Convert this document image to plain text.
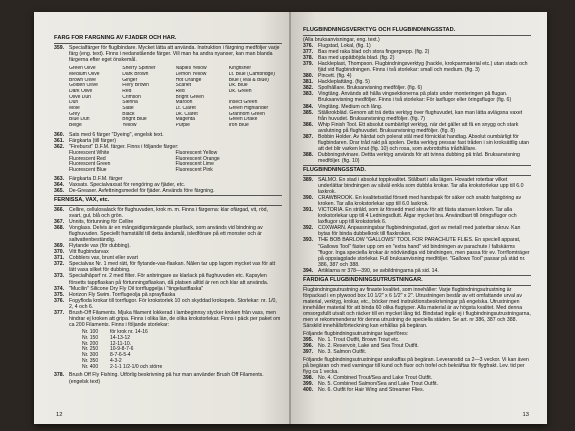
FÄRG FÖR FÄRGNING AV FJÄDER OCH HÅR.
359. Specialfärger för fluglbindare. Mycket lätta att använda. Instruktion i färgning medföljer varje färg (eng. text). Finns i nedanstående färger. Vill man ha andra nyanser, kan man blanda färgerna efter eget önskemål.
Green Olive	Sherry Spinner	Naples Yellow	Kingfisher
Medium Olive	Dark Brown	Lemon Yellow	Lt. Blue (Cambridge)
Brown Olive	Ginger	Hot Orange	Blue (Teal & Blue)
Golden Olive	Fiery Brown	Scarlet	Dk. Blue
Dark Olive	Red	Red	Dk. Green
Olive Dun	Crimson	Bright Green
Dun	Sienna	Maroon	Insect Green
Mole	Slate	Lt. Claret	Green Highlander
Grey	Black	Dk. Claret	Grannom Green
Blue Dun	Bright Blue	Magenta	Green Drake
Beige	Yellow	Purple	Iron Blue
360. Sats med 6 färger "Dyeing", engelsk text.
361. Färgkarta (till färger)
362. "Fireburst" D.F.M. färger. Finns i följande färger:
Fluorescent White	Fluorescent Yellow
Fluorescent Red	Fluorescent Orange
Fluorescent Green	Fluorescent Lime
Fluorescent Blue	Fluorescent Pink
363. Färgkarta D.F.M. färger
364. Vaxsats. Specialvaxsat för rengöring av fjäder, etc.
365. De-Greaser. Avfettningsmedel för fjäder. Används före färgning.
FERNISSA, VAX, etc.
366. Cellire, cellulosalack för flughuvuden, krok m. m. Finns i färgerna: klar ofärgad, vit, röd, svart, gul, blå och grön.
367. Unnits, förtunning för Cellire
368. Vonglass. Delvis är en mångsidigsmärgande plastlack, som används vid bindning av flughuvuden. Speciellt framställd till detta ändamål, isledförare på ett monster och är saltvattenbeständig.
369. Flytande vax (för dubbing).
370. Vitt flugbindarvax
371. Cobblers vax, brunt eller svart
372. Specialvax Nr. 1 med rätt, för flytande-vax-flaskan. Nålen tar upp lagom mycket vax för att lätt vaxa silket för dubbing.
373. Specialhåpsrf nr. 2 med filter. För anbringare av klarlack på flughuvuden etc. Kapsylen försetts tappflaskan på förtunningsflaskan, då platsen alltid är ren och klar att använda.
374. "Mucilin" Silicone Dry Fly Oil torrfluggelja i "tingelastflaska"
375. Horizon Fly Swim. Torrflugeolja på sprayflaska
376. Fogyfloda krokar till torrflugor. För krokstorlek 10 och skyddad krokspets. Storlekar: nr. 1/0, 2, 4 och 6.
377. Brush-Off Filaments. Mjuka filament lokkerad i lambeginnsy stycker kroken från vass, men hindrar ej kroken att gripa. Finns i olika län, de olika krokstorlekar. Finns i päck per paket om ca 200 Filaments. Finns i följande storlekar:
Nr. 100	för krok nr. 14-16
Nr. 150	14-13-12
Nr. 200	12-11-10.
Nr. 250	10-9-8-7-6
Nr. 300	8-7-6-5-4
Nr. 350	4-3-2
Nr. 400	2-1-1 1/2-1/0 och större
378. Brush Off Fly Fishing. Utförlig beskrivning på hur man använder Brush Off Filaments. (engelsk text)
12
FLUGBINDNINGSVERKTYG OCH FLUGBINDNINGSSTAD.
(Alla bruksanvisningar, eng. text.)
376. Flugstad, Lokal, (fig. 1)
377. Bas med raka blad och stora fingergrepp. (fig. 2)
378. Bas med uppåtböjda blad. (fig. 2)
379. Hackleplast, Thompson. Flugbindningsverktyg (hackle, krokparmaterial etc.) utan stads och fjäd vid flugbindningen. Finns i två storlekar: small och medium. (fig. 3)
380. Pincett. (fig. 4)
381. Hackleplattång. (fig. 5)
382. Spolhållare. Bruksanvisning medföljer. (fig. 6)
383. Vingtång. Används att hålla vingsektionerna på plats under monteringen på flugan. Bruksanvisning medföljer. Finns i två storlekar: För laxflugor eller öringsflugor (fig. 6)
384. Vingtång. Medium och lång.
385. Stålkrokbläd. Genom att trä detta verktyg över flughuvudet, kan man lätta avlägsna vaxet från huvudet. Bruksanvisning medföljer. (fig. 7)
386. Whip Finish Tool. Ett absolut oumbärligt verktyg, när det gäller att få en snygg och stark avslutning på flughuvudet. Bruksanvisning medföljer. (fig. 8)
387. Bobbin Holder. Av hårdat och polerat stål med förnicklat handtag. Absolut oumbärligt för flugbindaren. Drar tråd rakt på spolen. Detta verktyg pressar fast tråden i sin kroksättlig utan att det blir varken knut (fig. 10) och rosa, som avbrottsfria trådhållare.
388. Dubbningstvinare. Dettta verktyg används för att tvinna dubbing på tråd. Bruksanvisning medföljer. (fig. 10)
FLUGBINDNINGSSTAD.
389. SALMO. En stad i absolut toppkvalitet. Stålbart i alla lägen. Hovadet roterbar vilket underlättar bindningen av såväl enkla som dubbla krokar. Tar alla krokstorlekar upp till 6.0 laxkrok.
390. CRAWBROOK. En kvalitetsstäd försett med handspak för säker och snabb fastgöring av kroken. Tar alla krokstorlekar upp till 6.0 laxkrok.
391. VICTORIA. En stråld, som är försedd med skruv för att fästa stansen kroken. Tar alla krokstorlekar upp till 4 Ledningsdlutt. Åtgar mycket bra. Användbart till öringsflugor och laxflugor upp till krokstorlek 6.
392. COXWARN. Anpassningsbar flugbindningsstad, gjort av metall med justerbar skruv. Kan bytas för binda dubbelkrok till flaxkroken.
393. THE BOB BARLOW "GALLOWS" TOOL FÖR PARACHUTE FLIES. En speciell apparat, "Gallows Tool" fäster upp om en "extra hand" vid bindningen av parachute / fallskärms "flugor. Inga speciella krokar är nödvändiga vid bindningen, men passa för ev. Torrflomträger på oppsiagplade storlekar. Full bruksanvisning medföljer. "Gallows Tool" passar på städ nr. 386, 387 och 388.
394. Artiklarna nr 378—390, se avbildningarna på sid. 14.
FÄRDIGA FLUGBINDNINGSUTRUSTNINGAR.
Flugbindningsutrustning av finaste kvalitet, som innehåller: Varje flugbindningsutrustning är förpackad i en plywood box 10 1/2" x 6 1/2" x 2". Utrustningen består av ett omfattande urval av material, verktyg, krokar, etc., böcker med instruktionsbeskrivningar på engelska. Utrustningen innehåller material för att binda 60 olika flugtyper. Alla material är av högsta kvalitet. Med denna omsorgsfullt utvalt och räcker till en mycket lång tid. Bindstad ingår ej i flugbindningsutrustningarna, men vi rekommenderar för denna utrustning de speciella städen. Se art. nr 386, 387 och 388. Särskild innehållsförteckning kan erhållas på begäran.
Följande flugbindningsutrustningar lagerföres:
395. No. 1. Trout Outfit, Brown Trout etc.
396. No. 2. Reservoir, Lake and Sea Trout Outfit.
397. No. 3. Salmon Outfit.
Följande flugbindningsutrustningar anskaffas på begäran. Leveranstid ca 2—3 veckor. Vi kan även på begäran och med varningar till kund och fluor och trofel och bekräftas för flygfrakt. Lev. tid per flyg ca 1 vecka.
398. No. 4. Combined Trout/Sea and Lake Trout Outfit.
399. No. 5. Combined Salmon/Sea and Lake Trout Outfit.
400. No. 6. Outfit for Hair Wing and Streamer Flies.
13
